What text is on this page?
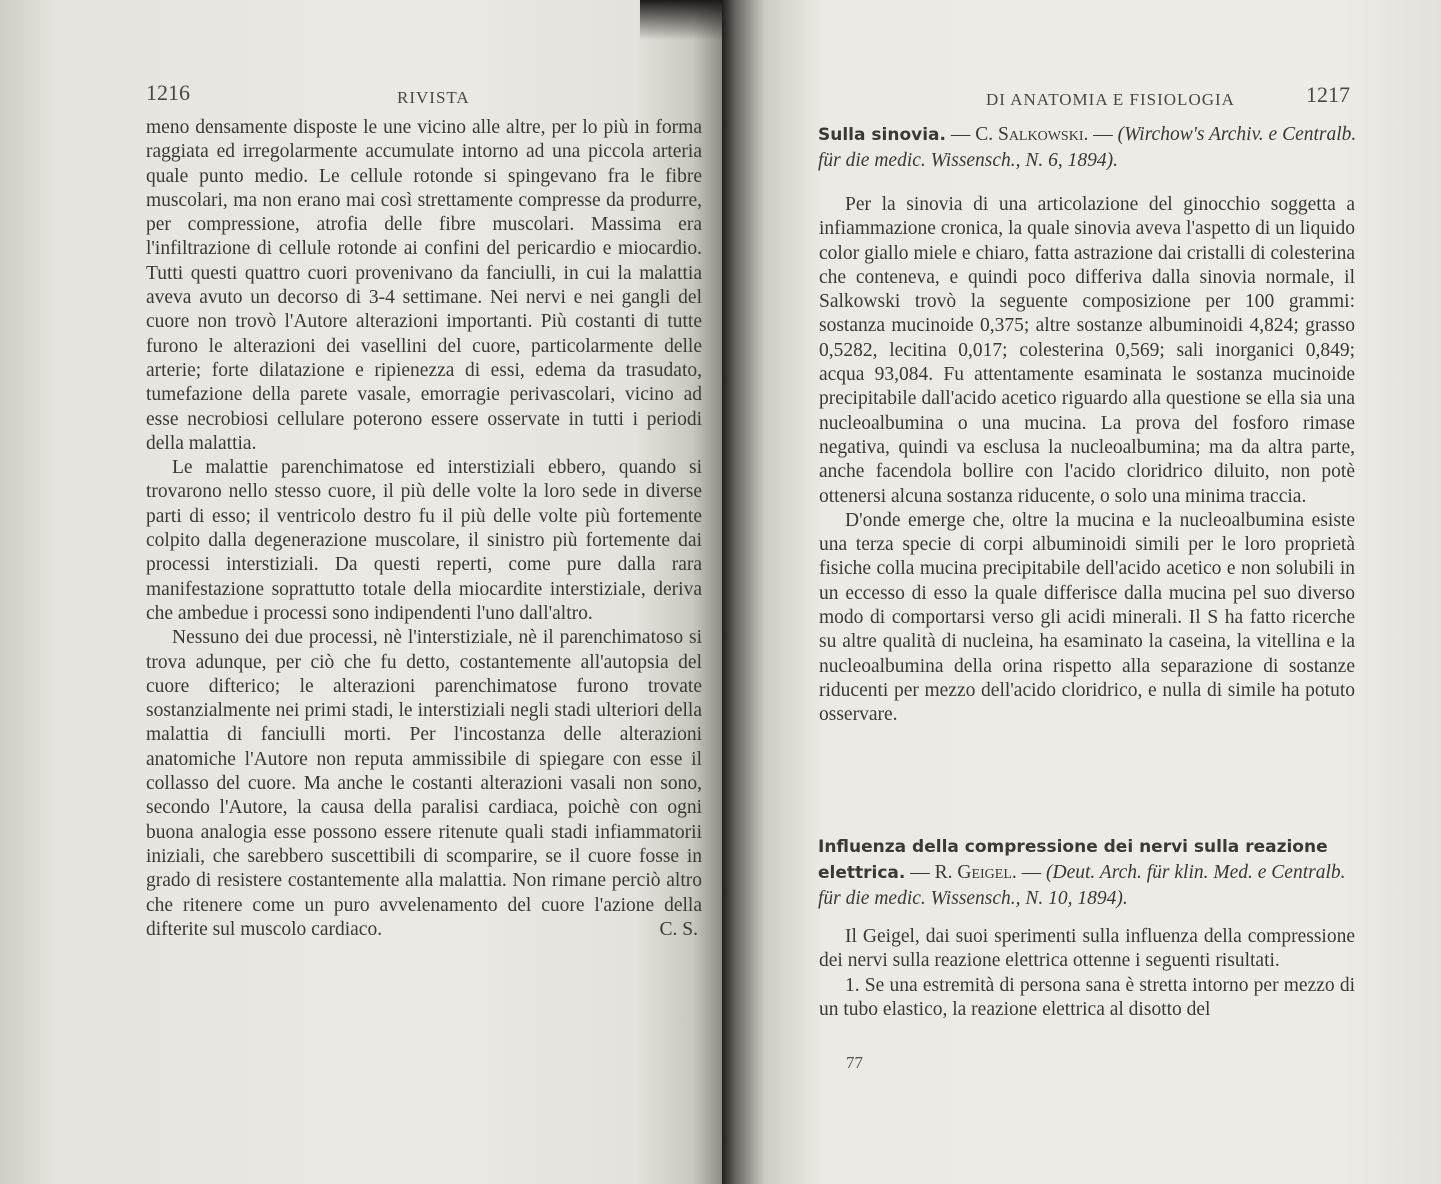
1216	RIVISTA

meno densamente disposte le une vicino alle altre, per lo più in forma raggiata ed irregolarmente accumulate intorno ad una piccola arteria quale punto medio. Le cellule rotonde si spingevano fra le fibre muscolari, ma non erano mai così strettamente compresse da produrre, per compressione, atrofia delle fibre muscolari. Massima era l'infiltrazione di cellule rotonde ai confini del pericardio e miocardio. Tutti questi quattro cuori provenivano da fanciulli, in cui la malattia aveva avuto un decorso di 3-4 settimane. Nei nervi e nei gangli del cuore non trovò l'Autore alterazioni importanti. Più costanti di tutte furono le alterazioni dei vasellini del cuore, particolarmente delle arterie; forte dilatazione e ripienezza di essi, edema da trasudato, tumefazione della parete vasale, emorragie perivascolari, vicino ad esse necrobiosi cellulare poterono essere osservate in tutti i periodi della malattia.

Le malattie parenchimatose ed interstiziali ebbero, quando si trovarono nello stesso cuore, il più delle volte la loro sede in diverse parti di esso; il ventricolo destro fu il più delle volte più fortemente colpito dalla degenerazione muscolare, il sinistro più fortemente dai processi interstiziali. Da questi reperti, come pure dalla rara manifestazione soprattutto totale della miocardite interstiziale, deriva che ambedue i processi sono indipendenti l'uno dall'altro.

Nessuno dei due processi, nè l'interstiziale, nè il parenchimatoso si trova adunque, per ciò che fu detto, costantemente all'autopsia del cuore difterico; le alterazioni parenchimatose furono trovate sostanzialmente nei primi stadi, le interstiziali negli stadi ulteriori della malattia di fanciulli morti. Per l'incostanza delle alterazioni anatomiche l'Autore non reputa ammissibile di spiegare con esse il collasso del cuore. Ma anche le costanti alterazioni vasali non sono, secondo l'Autore, la causa della paralisi cardiaca, poichè con ogni buona analogia esse possono essere ritenute quali stadi infiammatorii iniziali, che sarebbero suscettibili di scomparire, se il cuore fosse in grado di resistere costantemente alla malattia. Non rimane perciò altro che ritenere come un puro avvelenamento del cuore l'azione della difterite sul muscolo cardiaco.	C. S.

DI ANATOMIA E FISIOLOGIA	1217
Sulla sinovia. — C. Salkowski. — (Wirchow's Archiv. e Centralb. für die medic. Wissensch., N. 6, 1894).

Per la sinovia di una articolazione del ginocchio soggetta a infiammazione cronica, la quale sinovia aveva l'aspetto di un liquido color giallo miele e chiaro, fatta astrazione dai cristalli di colesterina che conteneva, e quindi poco differiva dalla sinovia normale, il Salkowski trovò la seguente composizione per 100 grammi: sostanza mucinoide 0,375; altre sostanze albuminoidi 4,824; grasso 0,5282, lecitina 0,017; colesterina 0,569; sali inorganici 0,849; acqua 93,084. Fu attentamente esaminata le sostanza mucinoide precipitabile dall'acido acetico riguardo alla questione se ella sia una nucleoalbumina o una mucina. La prova del fosforo rimase negativa, quindi va esclusa la nucleoalbumina; ma da altra parte, anche facendola bollire con l'acido cloridrico diluito, non potè ottenersi alcuna sostanza riducente, o solo una minima traccia.

D'onde emerge che, oltre la mucina e la nucleoalbumina esiste una terza specie di corpi albuminoidi simili per le loro proprietà fisiche colla mucina precipitabile dell'acido acetico e non solubili in un eccesso di esso la quale differisce dalla mucina pel suo diverso modo di comportarsi verso gli acidi minerali. Il S ha fatto ricerche su altre qualità di nucleina, ha esaminato la caseina, la vitellina e la nucleoalbumina della orina rispetto alla separazione di sostanze riducenti per mezzo dell'acido cloridrico, e nulla di simile ha potuto osservare.

Influenza della compressione dei nervi sulla reazione elettrica. — R. Geigel. — (Deut. Arch. für klin. Med. e Centralb. für die medic. Wissensch., N. 10, 1894).

Il Geigel, dai suoi sperimenti sulla influenza della compressione dei nervi sulla reazione elettrica ottenne i seguenti risultati.

1. Se una estremità di persona sana è stretta intorno per mezzo di un tubo elastico, la reazione elettrica al disotto del

77
